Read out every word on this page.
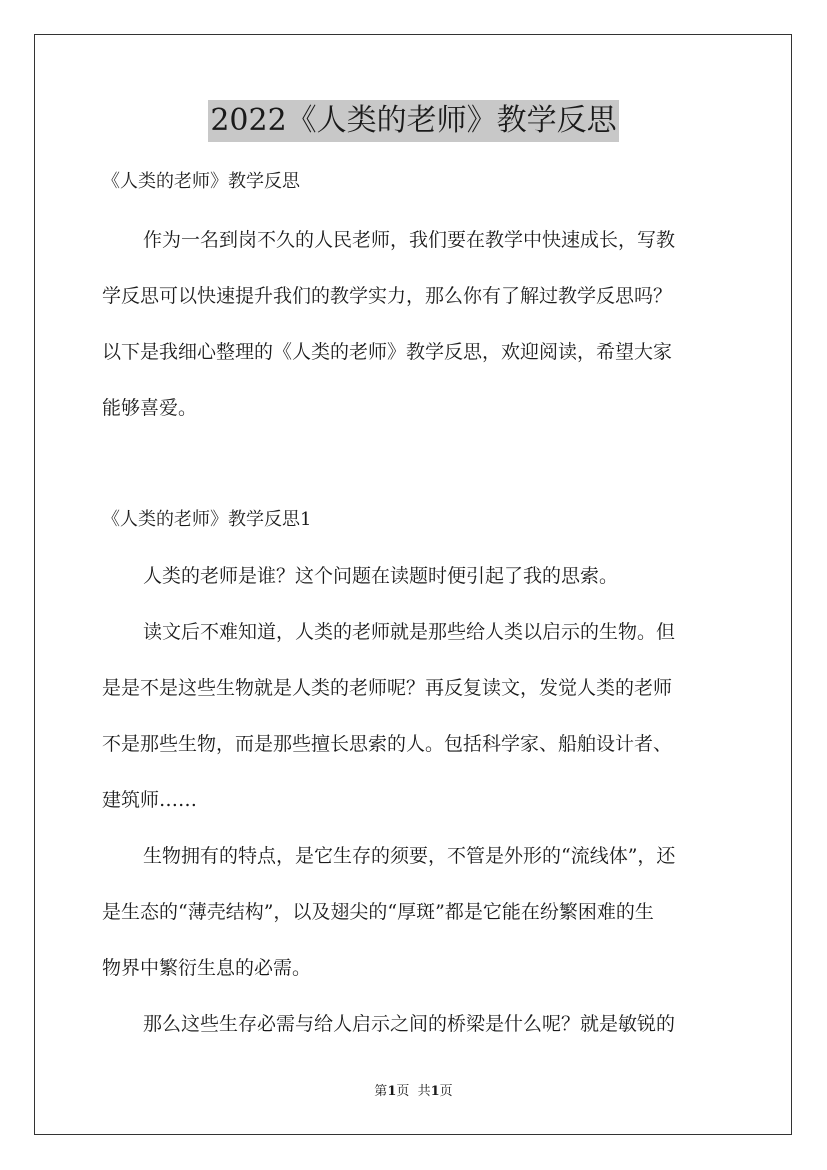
2022《人类的老师》教学反思

《人类的老师》教学反思

作为一名到岗不久的人民老师，我们要在教学中快速成长，写教

学反思可以快速提升我们的教学实力，那么你有了解过教学反思吗？

以下是我细心整理的《人类的老师》教学反思，欢迎阅读，希望大家

能够喜爱。

《人类的老师》教学反思1

人类的老师是谁？这个问题在读题时便引起了我的思索。

读文后不难知道，人类的老师就是那些给人类以启示的生物。但

是是不是这些生物就是人类的老师呢？再反复读文，发觉人类的老师

不是那些生物，而是那些擅长思索的人。包括科学家、船舶设计者、

建筑师……

生物拥有的特点，是它生存的须要，不管是外形的“流线体”，还

是生态的“薄壳结构”，以及翅尖的“厚斑”都是它能在纷繁困难的生

物界中繁衍生息的必需。

那么这些生存必需与给人启示之间的桥梁是什么呢？就是敏锐的

第1页  共1页
